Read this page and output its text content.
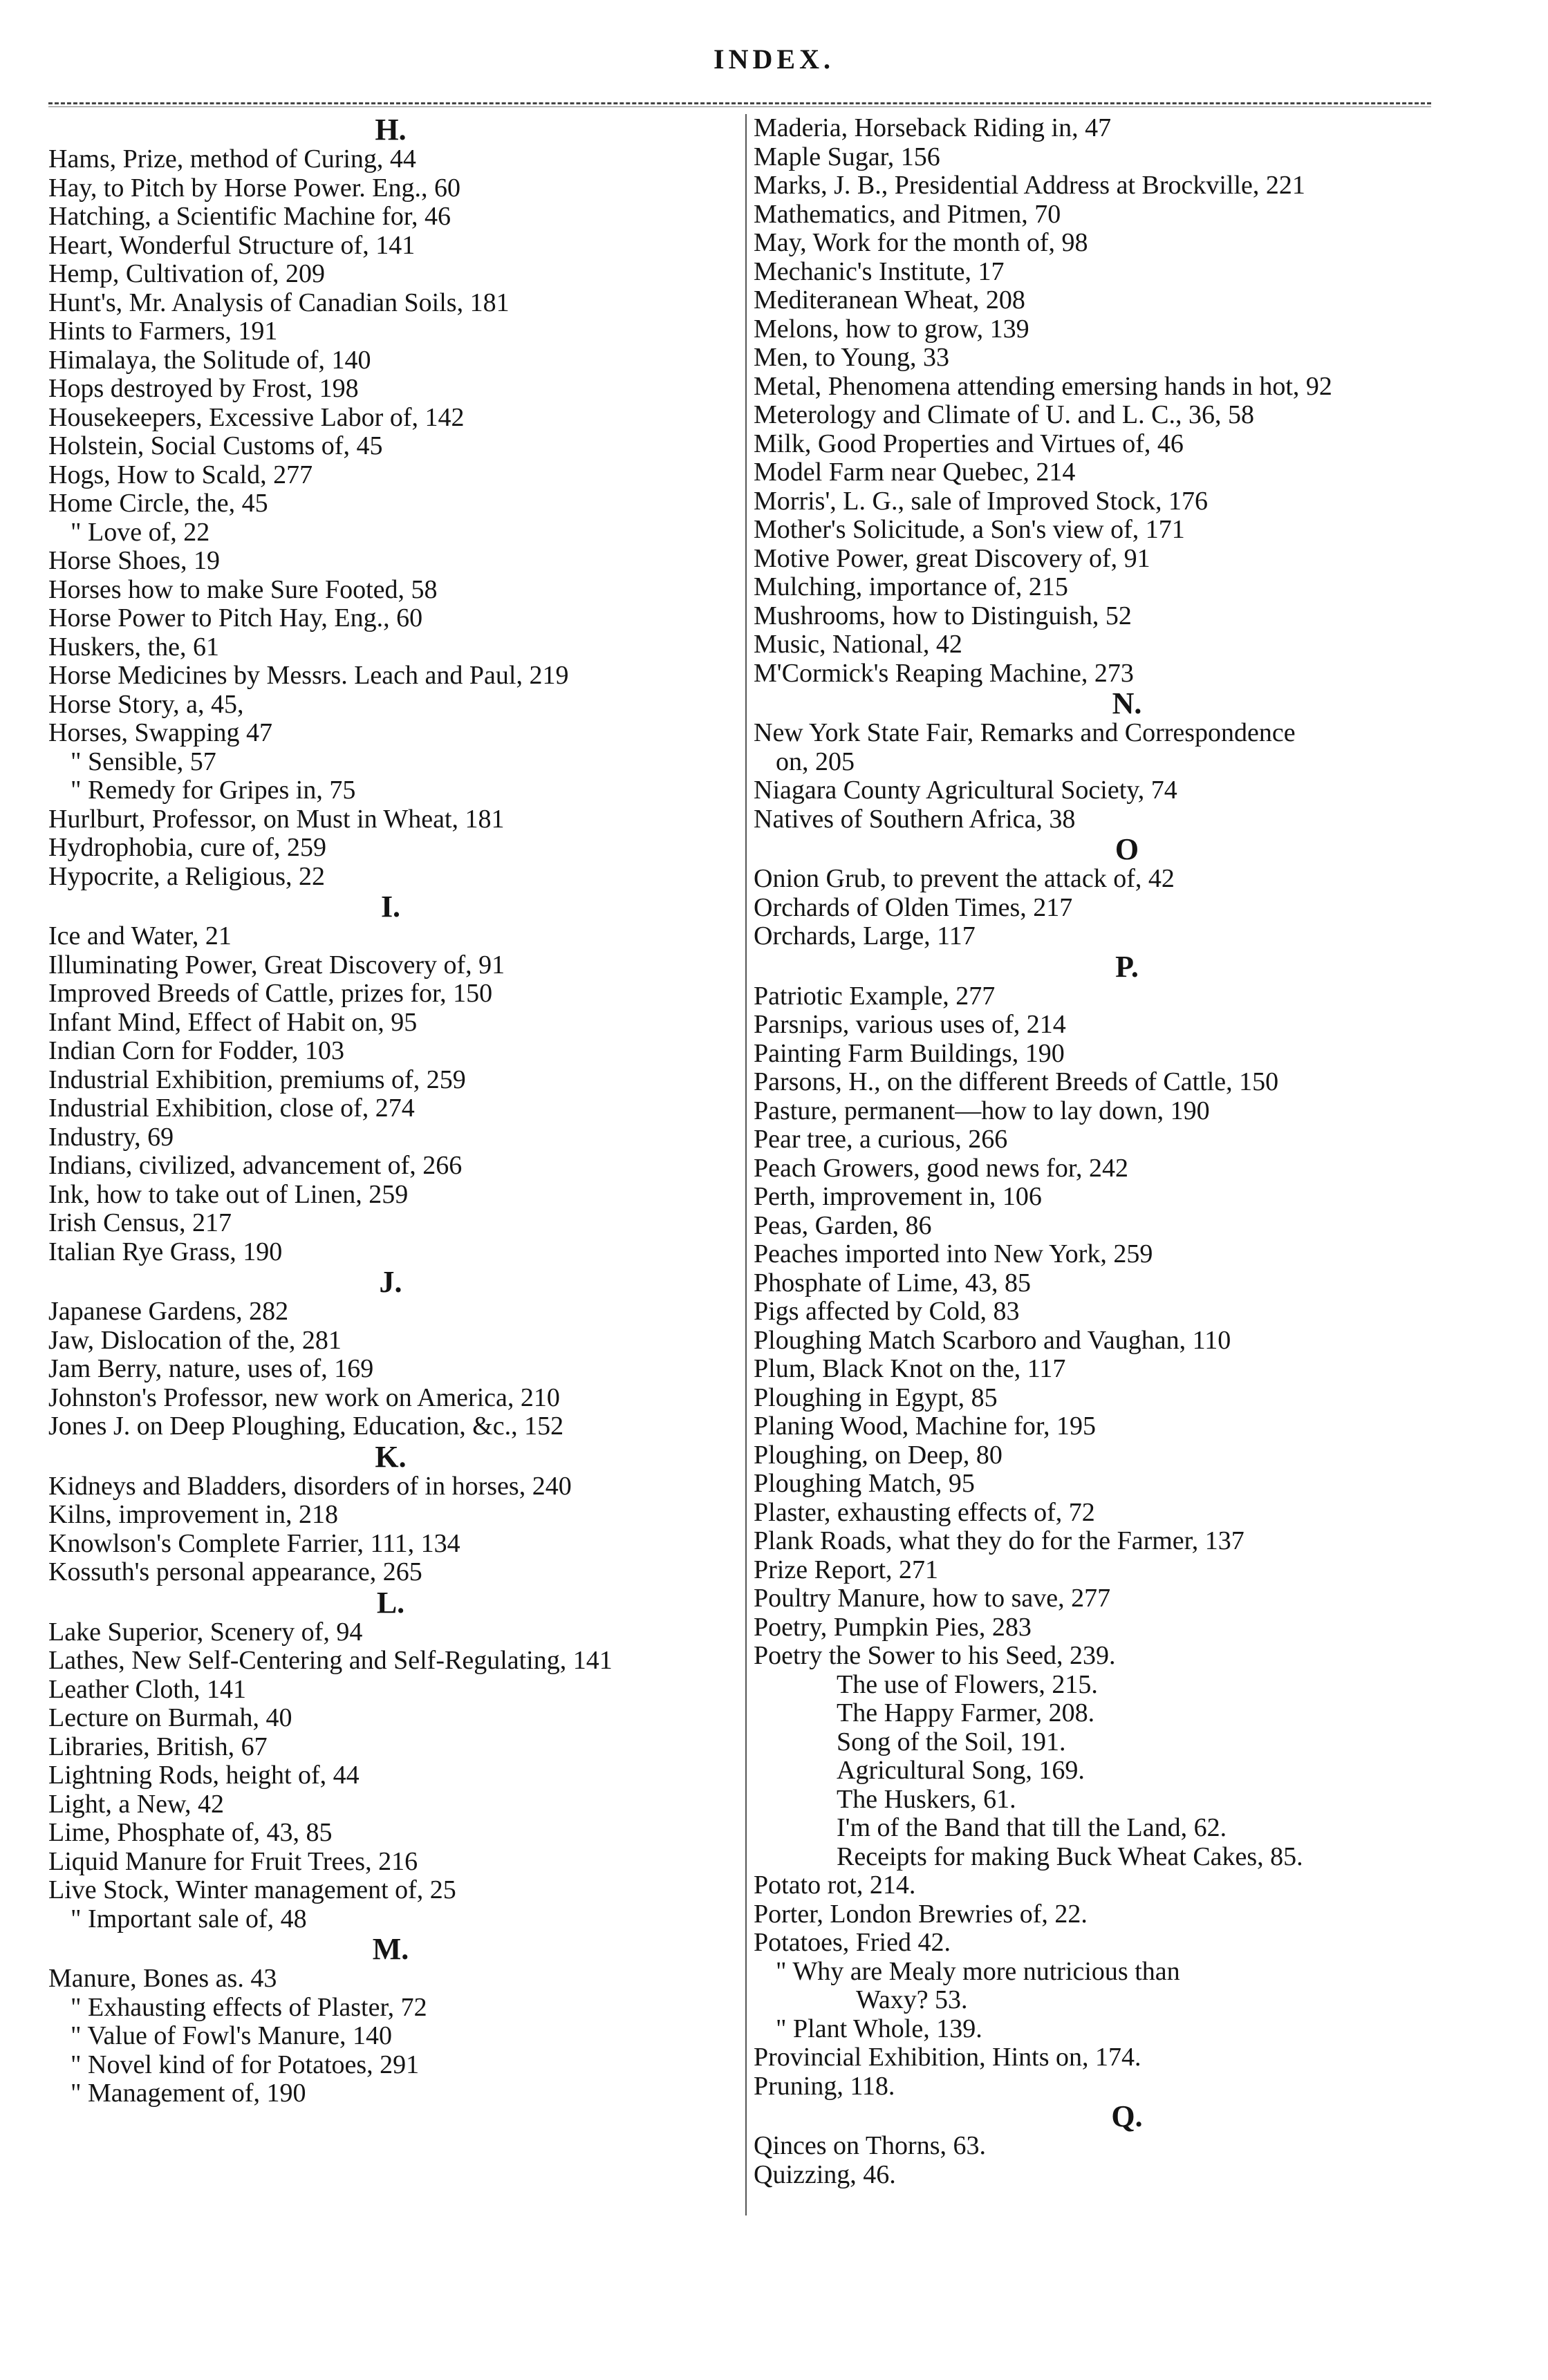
INDEX.
H.
Hams, Prize, method of Curing, 44
Hay, to Pitch by Horse Power. Eng., 60
Hatching, a Scientific Machine for, 46
Heart, Wonderful Structure of, 141
Hemp, Cultivation of, 209
Hunt's, Mr. Analysis of Canadian Soils, 181
Hints to Farmers, 191
Himalaya, the Solitude of, 140
Hops destroyed by Frost, 198
Housekeepers, Excessive Labor of, 142
Holstein, Social Customs of, 45
Hogs, How to Scald, 277
Home Circle, the, 45
" Love of, 22
Horse Shoes, 19
Horses how to make Sure Footed, 58
Horse Power to Pitch Hay, Eng., 60
Huskers, the, 61
Horse Medicines by Messrs. Leach and Paul, 219
Horse Story, a, 45,
Horses, Swapping 47
" Sensible, 57
" Remedy for Gripes in, 75
Hurlburt, Professor, on Must in Wheat, 181
Hydrophobia, cure of, 259
Hypocrite, a Religious, 22
I.
Ice and Water, 21
Illuminating Power, Great Discovery of, 91
Improved Breeds of Cattle, prizes for, 150
Infant Mind, Effect of Habit on, 95
Indian Corn for Fodder, 103
Industrial Exhibition, premiums of, 259
Industrial Exhibition, close of, 274
Industry, 69
Indians, civilized, advancement of, 266
Ink, how to take out of Linen, 259
Irish Census, 217
Italian Rye Grass, 190
J.
Japanese Gardens, 282
Jaw, Dislocation of the, 281
Jam Berry, nature, uses of, 169
Johnston's Professor, new work on America, 210
Jones J. on Deep Ploughing, Education, &c., 152
K.
Kidneys and Bladders, disorders of in horses, 240
Kilns, improvement in, 218
Knowlson's Complete Farrier, 111, 134
Kossuth's personal appearance, 265
L.
Lake Superior, Scenery of, 94
Lathes, New Self-Centering and Self-Regulating, 141
Leather Cloth, 141
Lecture on Burmah, 40
Libraries, British, 67
Lightning Rods, height of, 44
Light, a New, 42
Lime, Phosphate of, 43, 85
Liquid Manure for Fruit Trees, 216
Live Stock, Winter management of, 25
" Important sale of, 48
M.
Manure, Bones as. 43
" Exhausting effects of Plaster, 72
" Value of Fowl's Manure, 140
" Novel kind of for Potatoes, 291
" Management of, 190
Maderia, Horseback Riding in, 47
Maple Sugar, 156
Marks, J. B., Presidential Address at Brockville, 221
Mathematics, and Pitmen, 70
May, Work for the month of, 98
Mechanic's Institute, 17
Mediteranean Wheat, 208
Melons, how to grow, 139
Men, to Young, 33
Metal, Phenomena attending emersing hands in hot, 92
Meterology and Climate of U. and L. C., 36, 58
Milk, Good Properties and Virtues of, 46
Model Farm near Quebec, 214
Morris', L. G., sale of Improved Stock, 176
Mother's Solicitude, a Son's view of, 171
Motive Power, great Discovery of, 91
Mulching, importance of, 215
Mushrooms, how to Distinguish, 52
Music, National, 42
M'Cormick's Reaping Machine, 273
N.
New York State Fair, Remarks and Correspondence
on, 205
Niagara County Agricultural Society, 74
Natives of Southern Africa, 38
O
Onion Grub, to prevent the attack of, 42
Orchards of Olden Times, 217
Orchards, Large, 117
P.
Patriotic Example, 277
Parsnips, various uses of, 214
Painting Farm Buildings, 190
Parsons, H., on the different Breeds of Cattle, 150
Pasture, permanent—how to lay down, 190
Pear tree, a curious, 266
Peach Growers, good news for, 242
Perth, improvement in, 106
Peas, Garden, 86
Peaches imported into New York, 259
Phosphate of Lime, 43, 85
Pigs affected by Cold, 83
Ploughing Match Scarboro and Vaughan, 110
Plum, Black Knot on the, 117
Ploughing in Egypt, 85
Planing Wood, Machine for, 195
Ploughing, on Deep, 80
Ploughing Match, 95
Plaster, exhausting effects of, 72
Plank Roads, what they do for the Farmer, 137
Prize Report, 271
Poultry Manure, how to save, 277
Poetry, Pumpkin Pies, 283
Poetry the Sower to his Seed, 239.
The use of Flowers, 215.
The Happy Farmer, 208.
Song of the Soil, 191.
Agricultural Song, 169.
The Huskers, 61.
I'm of the Band that till the Land, 62.
Receipts for making Buck Wheat Cakes, 85.
Potato rot, 214.
Porter, London Brewries of, 22.
Potatoes, Fried 42.
" Why are Mealy more nutricious than
Waxy? 53.
" Plant Whole, 139.
Provincial Exhibition, Hints on, 174.
Pruning, 118.
Q.
Qinces on Thorns, 63.
Quizzing, 46.
